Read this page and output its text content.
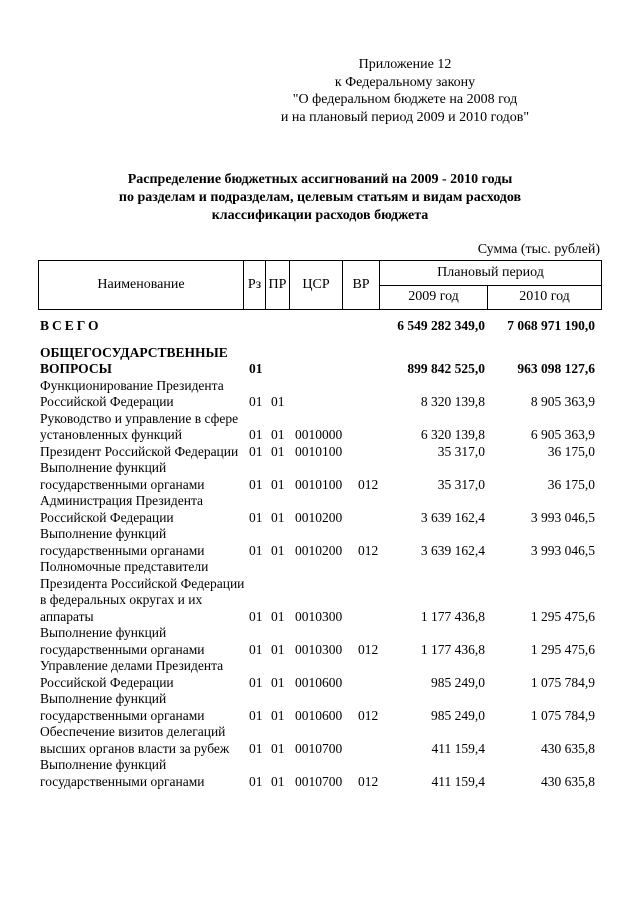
Приложение 12
к Федеральному закону
"О федеральном бюджете на 2008 год
и на плановый период 2009 и 2010 годов"
Распределение бюджетных ассигнований на 2009 - 2010 годы
по разделам и подразделам, целевым статьям и видам расходов
классификации расходов бюджета
Сумма (тыс. рублей)
Наименование	Рз	ПР	ЦСР	ВР	Плановый период	
					2009 год	2010 год
ВСЕГО					6 549 282 349,0	7 068 971 190,0
ОБЩЕГОСУДАРСТВЕННЫЕ ВОПРОСЫ	01				899 842 525,0	963 098 127,6
Функционирование Президента Российской Федерации	01	01			8 320 139,8	8 905 363,9
Руководство и управление в сфере установленных функций	01	01	0010000		6 320 139,8	6 905 363,9
Президент Российской Федерации	01	01	0010100		35 317,0	36 175,0
Выполнение функций государственными органами	01	01	0010100	012	35 317,0	36 175,0
Администрация Президента Российской Федерации	01	01	0010200		3 639 162,4	3 993 046,5
Выполнение функций государственными органами	01	01	0010200	012	3 639 162,4	3 993 046,5
Полномочные представители Президента Российской Федерации в федеральных округах и их аппараты	01	01	0010300		1 177 436,8	1 295 475,6
Выполнение функций государственными органами	01	01	0010300	012	1 177 436,8	1 295 475,6
Управление делами Президента Российской Федерации	01	01	0010600		985 249,0	1 075 784,9
Выполнение функций государственными органами	01	01	0010600	012	985 249,0	1 075 784,9
Обеспечение визитов делегаций высших органов власти за рубеж	01	01	0010700		411 159,4	430 635,8
Выполнение функций государственными органами	01	01	0010700	012	411 159,4	430 635,8
